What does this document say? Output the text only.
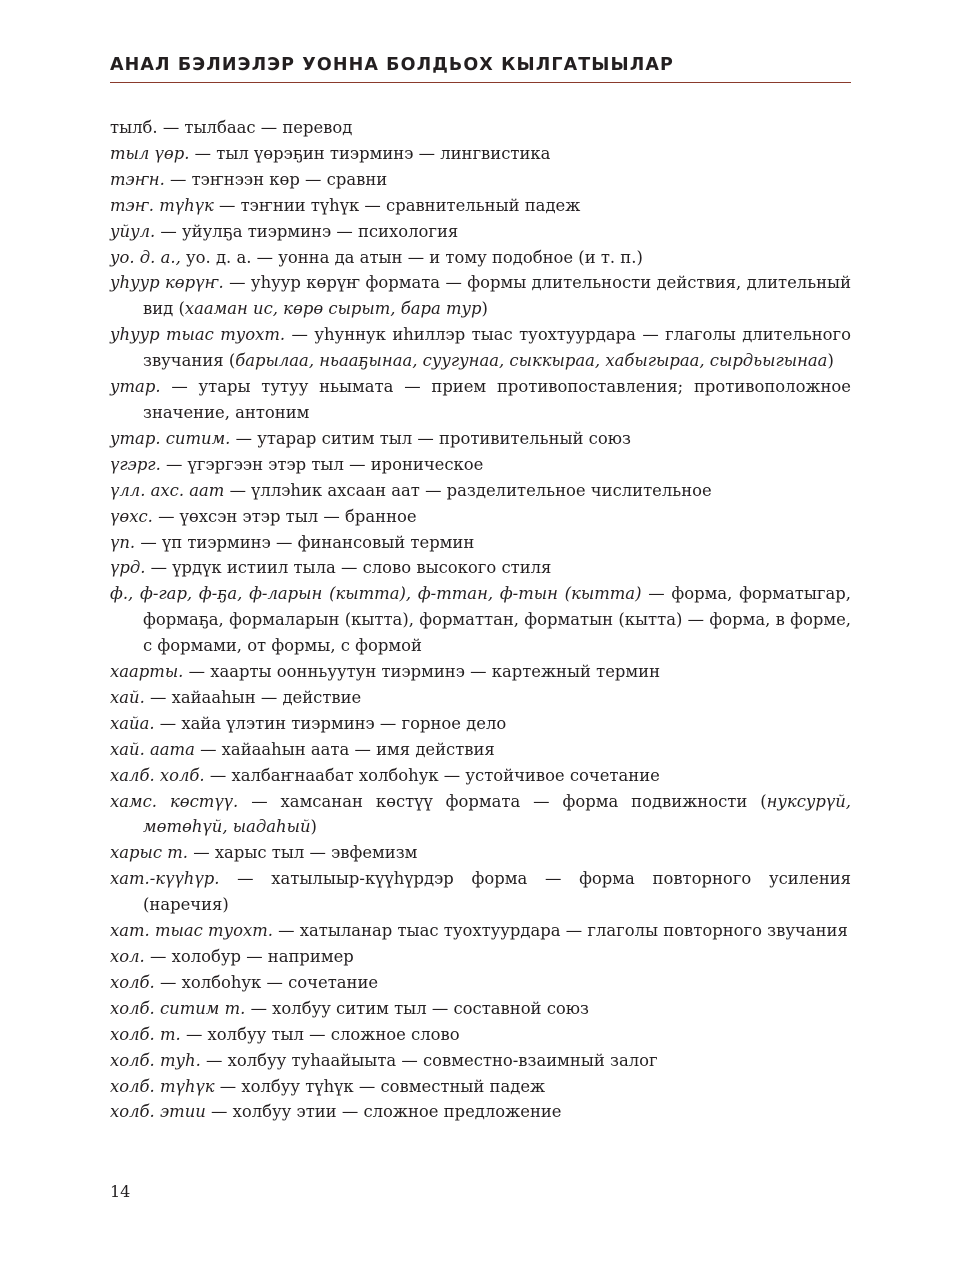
АНАЛ БЭЛИЭЛЭР УОННА БОЛДЬОХ КЫЛГАТЫЫЛАР
тылб. — тылбаас — перевод
тыл үөр. — тыл үөрэҕин тиэрминэ — лингвистика
тэҥн. — тэҥнээн көр — сравни
тэҥ. түһүк — тэҥнии түһүк — сравнительный падеж
уйул. — уйулҕа тиэрминэ — психология
уо. д. а., уо. д. а. — уонна да атын — и тому подобное (и т. п.)
уһуур көрүҥ. — уһуур көрүҥ формата — формы длительности действия, длительный вид (хааман ис, көрө сырыт, бара тур)
уһуур тыас туохт. — уһуннук иһиллэр тыас туохтуурдара — глаголы длительного звучания (барылаа, ньааҕынаа, суугунаа, сыккыраа, хабыгыраа, сырдьыгынаа)
утар. — утары тутуу ньымата — прием противопоставления; противоположное значение, антоним
утар. ситим. — утарар ситим тыл — противительный союз
үгэрг. — үгэргээн этэр тыл — ироническое
үлл. ахс. аат — үллэһик ахсаан аат — разделительное числительное
үөхс. — үөхсэн этэр тыл — бранное
үп. — үп тиэрминэ — финансовый термин
үрд. — үрдүк истиил тыла — слово высокого стиля
ф., ф-гар, ф-ҕа, ф-ларын (кытта), ф-ттан, ф-тын (кытта) — форма, форматыгар, формаҕа, формаларын (кытта), форматтан, форматын (кытта) — форма, в форме, с формами, от формы, с формой
хаарты. — хаарты оонньуутун тиэрминэ — картежный термин
хай. — хайааһын — действие
хайа. — хайа үлэтин тиэрминэ — горное дело
хай. аата — хайааһын аата — имя действия
халб. холб. — халбаҥнаабат холбоһук — устойчивое сочетание
хамс. көстүү. — хамсанан көстүү формата — форма подвижности (нуксурүй, мөтөһүй, ыадаһый)
харыс т. — харыс тыл — эвфемизм
хат.-күүһүр. — хатылыыр-күүһүрдэр форма — форма повторного усиления (наречия)
хат. тыас туохт. — хатыланар тыас туохтуурдара — глаголы повторного звучания
хол. — холобур — например
холб. — холбоһук — сочетание
холб. ситим т. — холбуу ситим тыл — составной союз
холб. т. — холбуу тыл — сложное слово
холб. туһ. — холбуу туһаайыыта — совместно-взаимный залог
холб. түһүк — холбуу түһүк — совместный падеж
холб. этии — холбуу этии — сложное предложение
14
